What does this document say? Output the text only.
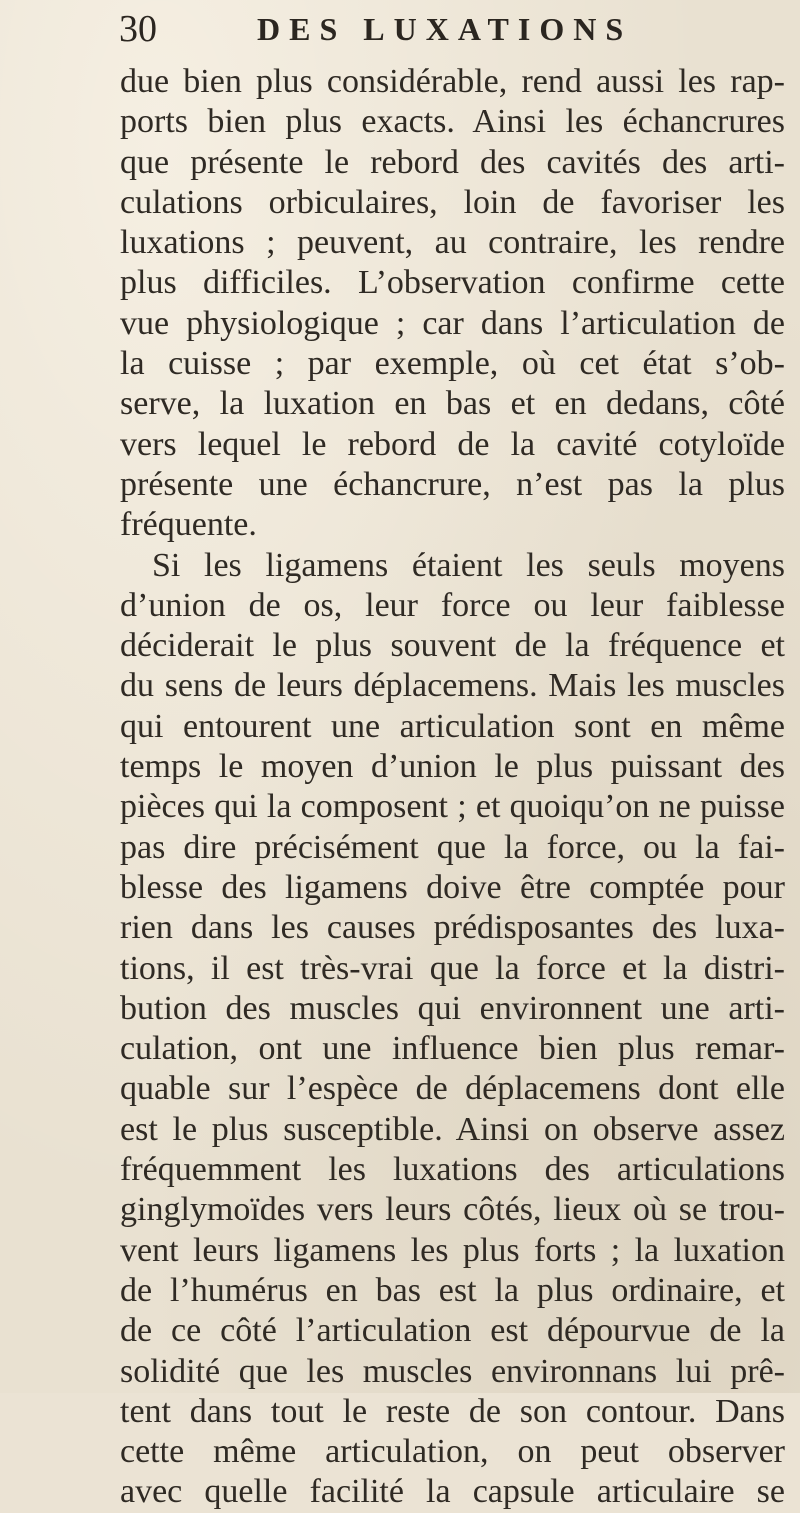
30	DES LUXATIONS
due bien plus considérable, rend aussi les rap-
ports bien plus exacts. Ainsi les échancrures
que présente le rebord des cavités des arti-
culations orbiculaires, loin de favoriser les
luxations ; peuvent, au contraire, les rendre
plus difficiles. L’observation confirme cette
vue physiologique ; car dans l’articulation de
la cuisse ; par exemple, où cet état s’ob-
serve, la luxation en bas et en dedans, côté
vers lequel le rebord de la cavité cotyloïde
présente une échancrure, n’est pas la plus
fréquente.
Si les ligamens étaient les seuls moyens
d’union de os, leur force ou leur faiblesse
déciderait le plus souvent de la fréquence et
du sens de leurs déplacemens. Mais les muscles
qui entourent une articulation sont en même
temps le moyen d’union le plus puissant des
pièces qui la composent ; et quoiqu’on ne puisse
pas dire précisément que la force, ou la fai-
blesse des ligamens doive être comptée pour
rien dans les causes prédisposantes des luxa-
tions, il est très-vrai que la force et la distri-
bution des muscles qui environnent une arti-
culation, ont une influence bien plus remar-
quable sur l’espèce de déplacemens dont elle
est le plus susceptible. Ainsi on observe assez
fréquemment les luxations des articulations
ginglymoïdes vers leurs côtés, lieux où se trou-
vent leurs ligamens les plus forts ; la luxation
de l’humérus en bas est la plus ordinaire, et
de ce côté l’articulation est dépourvue de la
solidité que les muscles environnans lui prê-
tent dans tout le reste de son contour. Dans
cette même articulation, on peut observer
avec quelle facilité la capsule articulaire se
